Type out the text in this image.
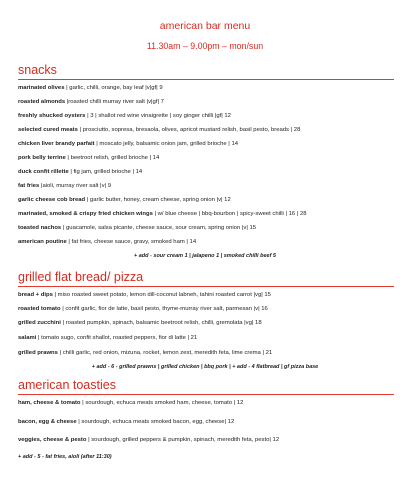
american bar menu
11.30am – 9.00pm – mon/sun
snacks
marinated olives | garlic, chilli, orange, bay leaf |v|gf| 9
roasted almonds |roasted chilli murray river salt |v|gf| 7
freshly shucked oysters | 3 | shallot red wine vinaigrette | soy ginger chilli |gf| 12
selected cured meats | prosciutto, sopresa, bresaola, olives, apricot mustard relish, basil pesto, breads | 28
chicken liver brandy parfait | moscato jelly, balsamic onion jam, grilled brioche | 14
pork belly terrine | beetroot relish, grilled brioche | 14
duck confit rillette | fig jam, grilled brioche | 14
fat fries |aioli, murray river salt |v| 9
garlic cheese cob bread | garlic butter, honey, cream cheese, spring onion |v| 12
marinated, smoked & crispy fried chicken wings | w/ blue cheese | bbq-bourbon | spicy-sweet chilli | 16 | 28
toasted nachos | guacamole, salsa picante, cheese sauce, sour cream, spring onion |v| 15
american poutine | fat fries, cheese sauce, gravy, smoked ham | 14
+ add - sour cream 1 | jalapeno 1 | smoked chilli beef 5
grilled flat bread/ pizza
bread + dips | miso roasted sweet potato, lemon dill-coconut labneh, tahini roasted carrot |vg| 15
roasted tomato | confit garlic, fior de latte, basil pesto, thyme-murray river salt, parmesan |v| 16
grilled zucchini | roasted pumpkin, spinach, balsamic beetroot relish, chilli, gremolata |vg| 18
salami | tomato sugo, confit shallot, roasted peppers, fior di latte | 21
grilled prawns | chilli garlic, red onion, mizuna, rocket, lemon zest, meredith feta, lime crema | 21
+ add - 6 - grilled prawns | grilled chicken | bbq pork | + add - 4 flatbread | gf pizza base
american toasties
ham, cheese & tomato | sourdough, echuca meats smoked ham, cheese, tomato | 12
bacon, egg & cheese | sourdough, echuca meats smoked bacon, egg, cheese| 12
veggies, cheese & pesto | sourdough, grilled peppers & pumpkin, spinach, meredith feta, pesto| 12
+ add - 5 - fat fries, aioli (after 11:30)
